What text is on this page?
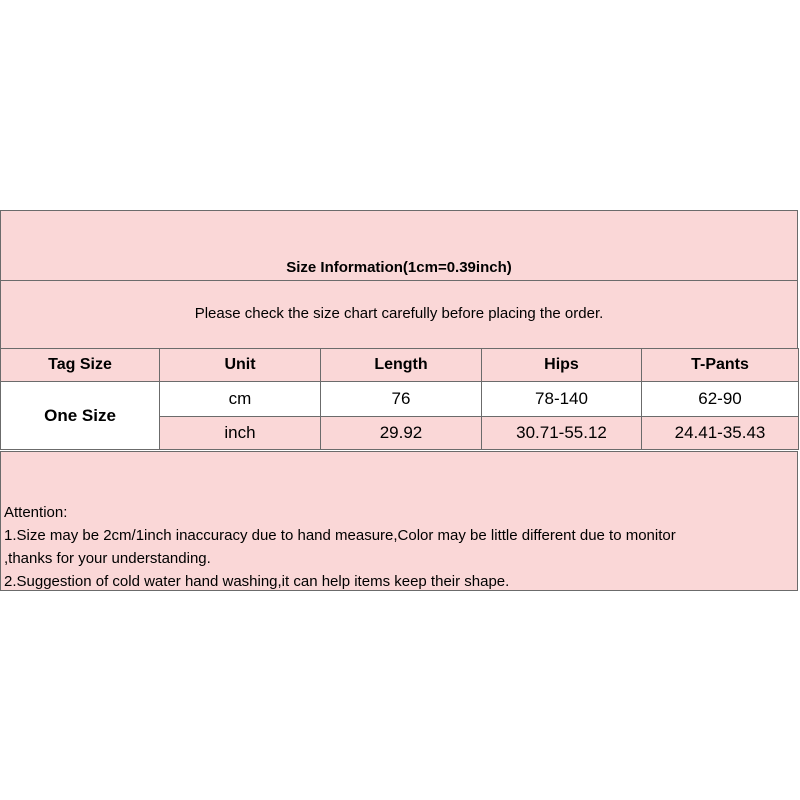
Size Information(1cm=0.39inch)
Please check the size chart carefully before placing the order.
Tag Size	Unit	Length	Hips	T-Pants
One Size	cm	76	78-140	62-90
	inch	29.92	30.71-55.12	24.41-35.43
Attention:
1.Size may be 2cm/1inch inaccuracy due to hand measure,Color may be little different due to monitor
,thanks for your understanding.
2.Suggestion of cold water hand washing,it can help items keep their shape.
